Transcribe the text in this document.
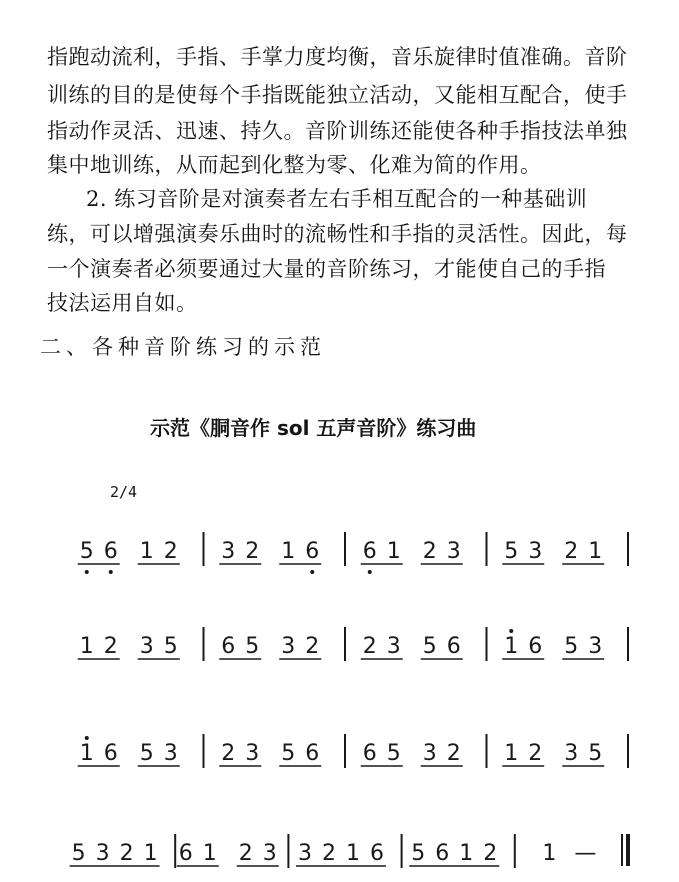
指跑动流利，手指、手掌力度均衡，音乐旋律时值准确。音阶
训练的目的是使每个手指既能独立活动，又能相互配合，使手
指动作灵活、迅速、持久。音阶训练还能使各种手指技法单独
集中地训练，从而起到化整为零、化难为简的作用。
2. 练习音阶是对演奏者左右手相互配合的一种基础训
练，可以增强演奏乐曲时的流畅性和手指的灵活性。因此，每
一个演奏者必须要通过大量的音阶练习，才能使自己的手指
技法运用自如。
二、各种音阶练习的示范
示范《胴音作 sol 五声音阶》练习曲
2/4
5 6 1 2 3 2 1 6 6 1 2 3 5 3 2 1
1 2 3 5 6 5 3 2 2 3 5 6 1 6 5 3
1 6 5 3 2 3 5 6 6 5 3 2 1 2 3 5
5 3 2 1 6 1 2 3 3 2 1 6 5 6 1 2 1 —
